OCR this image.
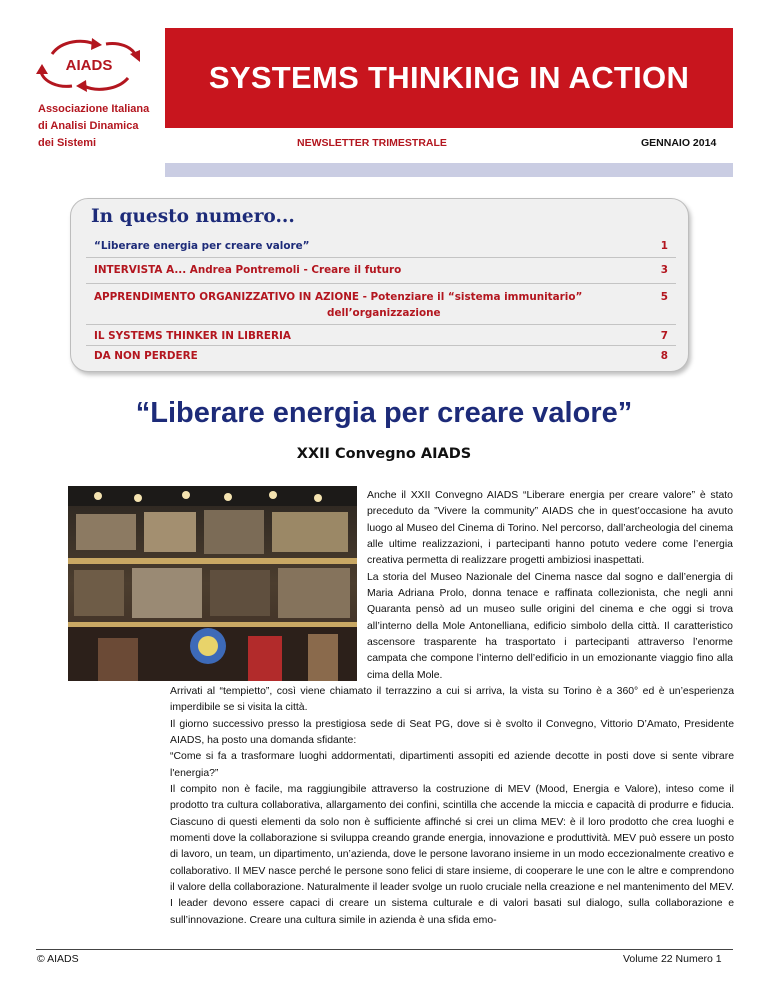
AIADS
Associazione Italiana
di Analisi Dinamica
dei Sistemi
SYSTEMS THINKING IN ACTION
NEWSLETTER TRIMESTRALE	GENNAIO 2014
In questo numero...
“Liberare energia per creare valore”	1
INTERVISTA A... Andrea Pontremoli - Creare il futuro	3
APPRENDIMENTO ORGANIZZATIVO IN AZIONE - Potenziare il “sistema immunitario”	5
dell’organizzazione
IL SYSTEMS THINKER IN LIBRERIA	7
DA NON PERDERE	8
“Liberare energia per creare valore”
XXII Convegno AIADS

Anche il XXII Convegno AIADS “Liberare energia per creare valore” è stato preceduto da ”Vivere la community” AIADS che in quest’occasione ha avuto luogo al Museo del Cinema di Torino. Nel percorso, dall’archeologia del cinema alle ultime realizzazioni, i partecipanti hanno potuto vedere come l’energia creativa permetta di realizzare progetti ambiziosi inaspettati.

La storia del Museo Nazionale del Cinema nasce dal sogno e dall’energia di Maria Adriana Prolo, donna tenace e raffinata collezionista, che negli anni Quaranta pensò ad un museo sulle origini del cinema e che oggi si trova all’interno della Mole Antonelliana, edificio simbolo della città. Il caratteristico ascensore trasparente ha trasportato i partecipanti attraverso l’enorme campata che compone l’interno dell’edificio in un emozionante viaggio fino alla cima della Mole.

Arrivati al “tempietto”, così viene chiamato il terrazzino a cui si arriva, la vista su Torino è a 360° ed è un’esperienza imperdibile se si visita la città.

Il giorno successivo presso la prestigiosa sede di Seat PG, dove si è svolto il Convegno, Vittorio D’Amato, Presidente AIADS, ha posto una domanda sfidante:

“Come si fa a trasformare luoghi addormentati, dipartimenti assopiti ed aziende decotte in posti dove si sente vibrare l'energia?”

Il compito non è facile, ma raggiungibile attraverso la costruzione di MEV (Mood, Energia e Valore), inteso come il prodotto tra cultura collaborativa, allargamento dei confini, scintilla che accende la miccia e capacità di produrre e fiducia. Ciascuno di questi elementi da solo non è sufficiente affinché si crei un clima MEV: è il loro prodotto che crea luoghi e momenti dove la collaborazione si sviluppa creando grande energia, innovazione e produttività. MEV può essere un posto di lavoro, un team, un dipartimento, un’azienda, dove le persone lavorano insieme in un modo eccezionalmente creativo e collaborativo. Il MEV nasce perché le persone sono felici di stare insieme, di cooperare le une con le altre e comprendono il valore della collaborazione. Naturalmente il leader svolge un ruolo cruciale nella creazione e nel mantenimento del MEV. I leader devono essere capaci di creare un sistema culturale e di valori basati sul dialogo, sulla collaborazione e sull’innovazione. Creare una cultura simile in azienda è una sfida emo-

© AIADS	Volume 22 Numero 1
